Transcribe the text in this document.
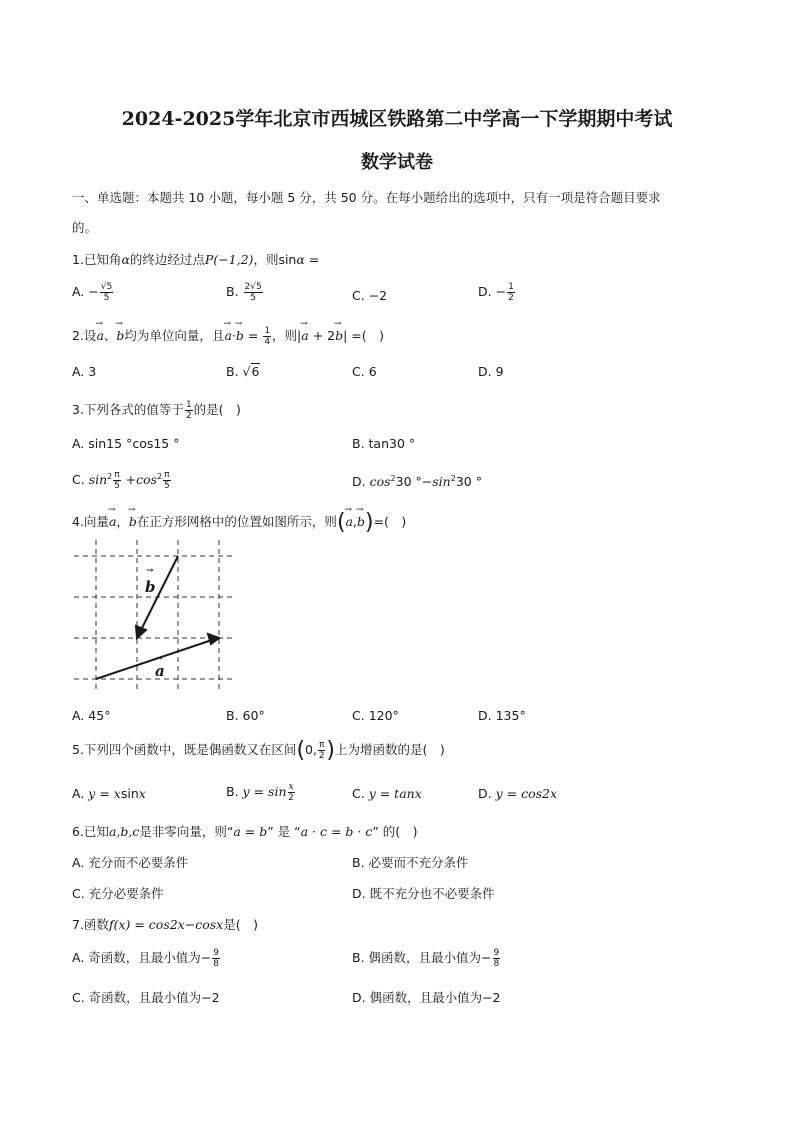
2024-2025学年北京市西城区铁路第二中学高一下学期期中考试
数学试卷
一、单选题：本题共 10 小题，每小题 5 分，共 50 分。在每小题给出的选项中，只有一项是符合题目要求
的。
1.已知角α的终边经过点P(−1,2)，则sinα =
A. − $\frac{√5}{5}$	B. $\frac{2√5}{5}$	C. −2	D. − $\frac{1}{2}$
2.设→ a、→ b均为单位向量，且→ $a\cdot\to b = \frac{1}{4}$ ，则|→ a + 2→ b| =(　)
A. 3	B. √6	C. 6	D. 9
3.下列各式的值等于 $\frac{1}{2}$ 的是(　)
A. sin15 °cos15 °	B. tan30 °
C. $\sin^2 \frac{\pi}{5} +\cos^2 \frac{\pi}{5}$	D. $\cos^230$ $^\circ-\sin^230$ °
4.向量→ a，→ b在正方形网格中的位置如图所示，则(→ a,→ b)=(　)
b
→
a
→
A. 45°	B. 60°	C. 120°	D. 135°
5.下列四个函数中，既是偶函数又在区间(0, $\frac{\pi}{2}$ )上为增函数的是(　)
A. y = xsinx	B. $y = \sin \frac{x}{2}$	C. y = tanx	D. y = cos2x
6.已知a,b,c是非零向量，则“a = b” 是 “a · c = b · c” 的(　)
A. 充分而不必要条件	B. 必要而不充分条件
C. 充分必要条件	D. 既不充分也不必要条件
7.函数f(x) = cos2x−cosx是(　)
A. 奇函数，且最小值为− $\frac{9}{8}$	B. 偶函数，且最小值为− $\frac{9}{8}$
C. 奇函数，且最小值为−2	D. 偶函数，且最小值为−2
